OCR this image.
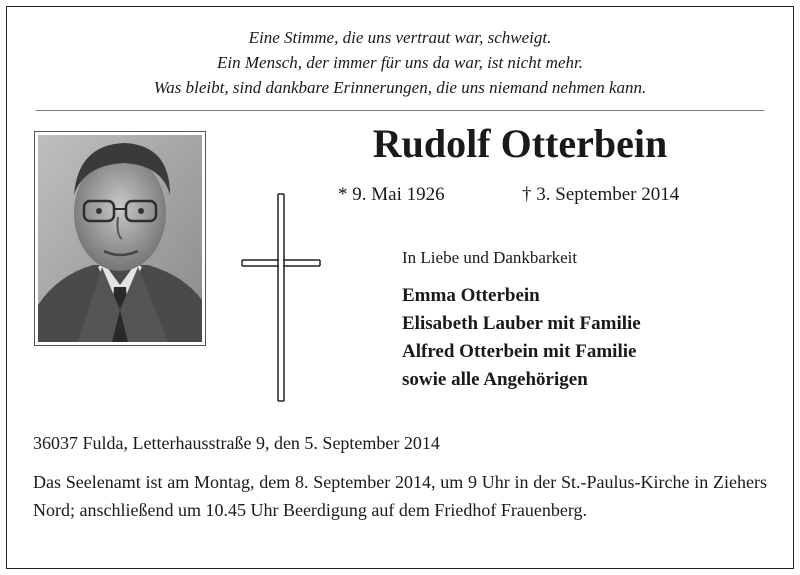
Eine Stimme, die uns vertraut war, schweigt.
Ein Mensch, der immer für uns da war, ist nicht mehr.
Was bleibt, sind dankbare Erinnerungen, die uns niemand nehmen kann.
Rudolf Otterbein
* 9. Mai 1926	† 3. September 2014
In Liebe und Dankbarkeit
Emma Otterbein
Elisabeth Lauber mit Familie
Alfred Otterbein mit Familie
sowie alle Angehörigen
36037 Fulda, Letterhausstraße 9, den 5. September 2014
Das Seelenamt ist am Montag, dem 8. September 2014, um 9 Uhr in der St.-Paulus-Kirche in Ziehers Nord; anschließend um 10.45 Uhr Beerdigung auf dem Friedhof Frauenberg.
